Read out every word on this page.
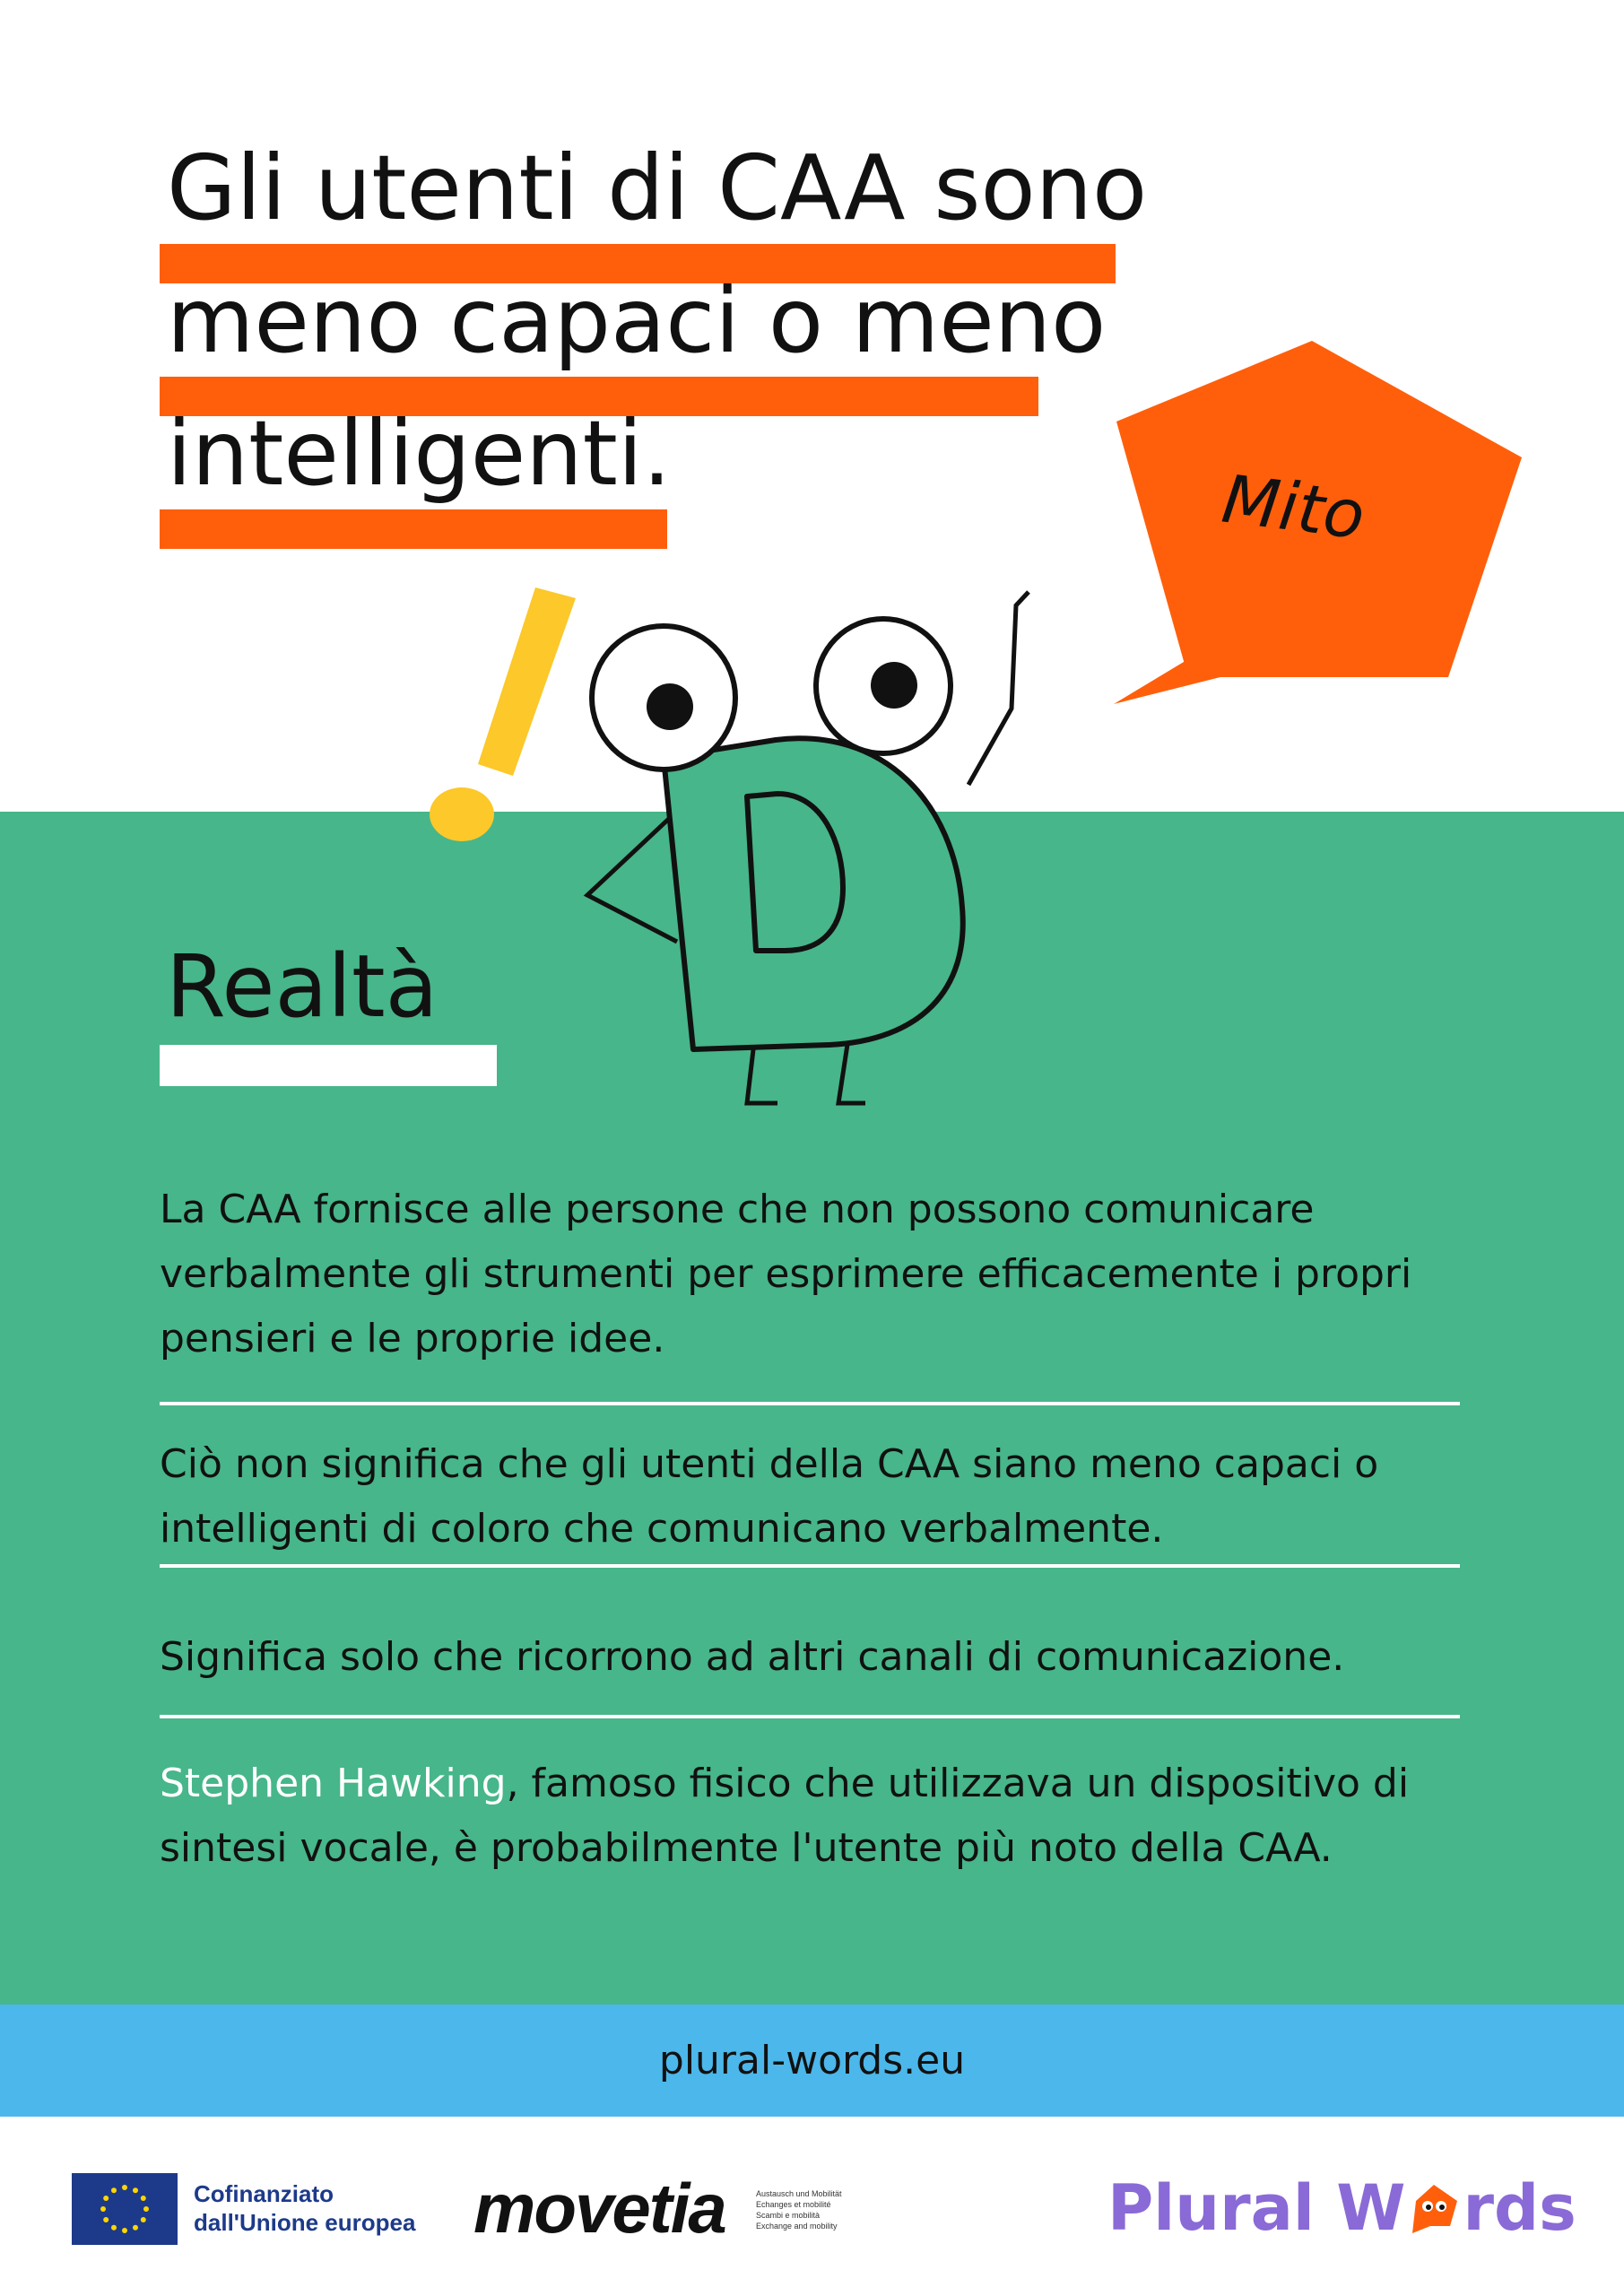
Gli utenti di CAA sono
meno capaci o meno
intelligenti.
Mito
Realtà
La CAA fornisce alle persone che non possono comunicare verbalmente gli strumenti per esprimere efficacemente i propri pensieri e le proprie idee.
Ciò non significa che gli utenti della CAA siano meno capaci o intelligenti di coloro che comunicano verbalmente.
Significa solo che ricorrono ad altri canali di comunicazione.
Stephen Hawking, famoso fisico che utilizzava un dispositivo di sintesi vocale, è probabilmente l'utente più noto della CAA.
plural-words.eu
Cofinanziato
dall'Unione europea movetia	Austausch und Mobilität
Echanges et mobilité
Scambi e mobilità
Exchange and mobility	Plural W rds
